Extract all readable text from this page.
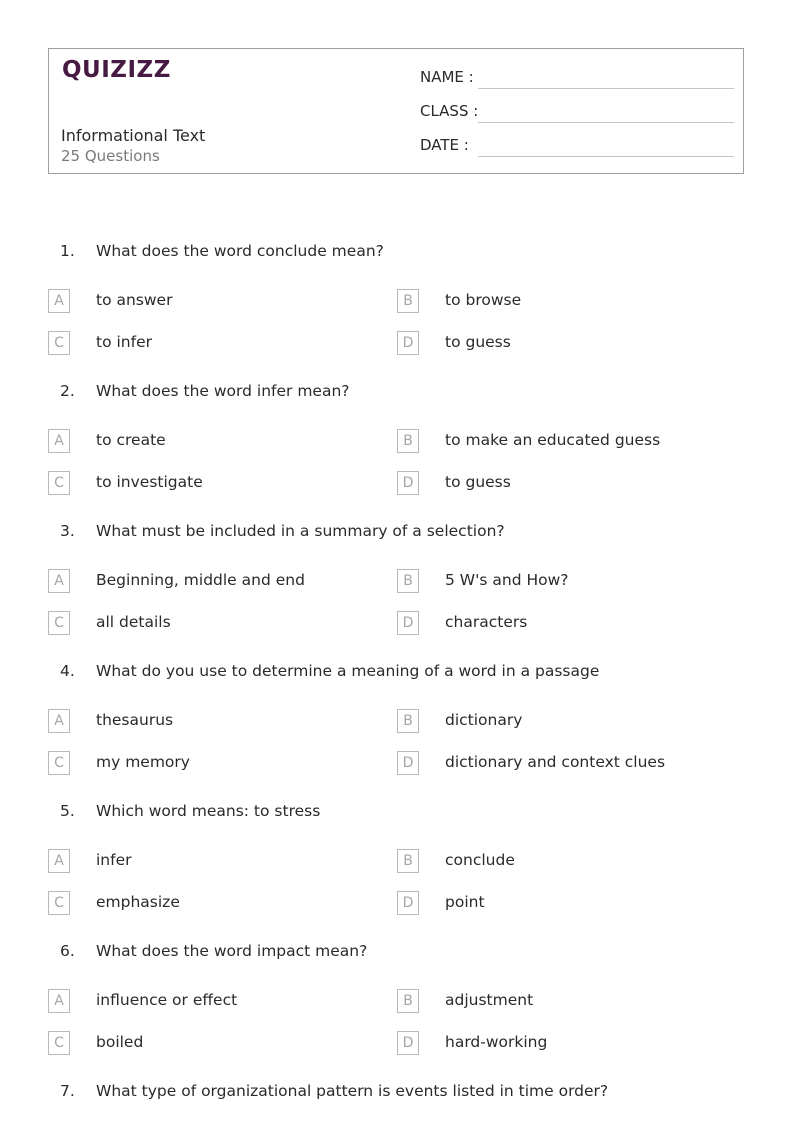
QUIZIZZ
Informational Text
25 Questions
NAME :
CLASS :
DATE :
1. What does the word conclude mean?
A	to answer	B	to browse
C	to infer	D	to guess
2. What does the word infer mean?
A	to create	B	to make an educated guess
C	to investigate	D	to guess
3. What must be included in a summary of a selection?
A	Beginning, middle and end	B	5 W's and How?
C	all details	D	characters
4. What do you use to determine a meaning of a word in a passage
A	thesaurus	B	dictionary
C	my memory	D	dictionary and context clues
5. Which word means: to stress
A	infer	B	conclude
C	emphasize	D	point
6. What does the word impact mean?
A	influence or effect	B	adjustment
C	boiled	D	hard-working
7. What type of organizational pattern is events listed in time order?
